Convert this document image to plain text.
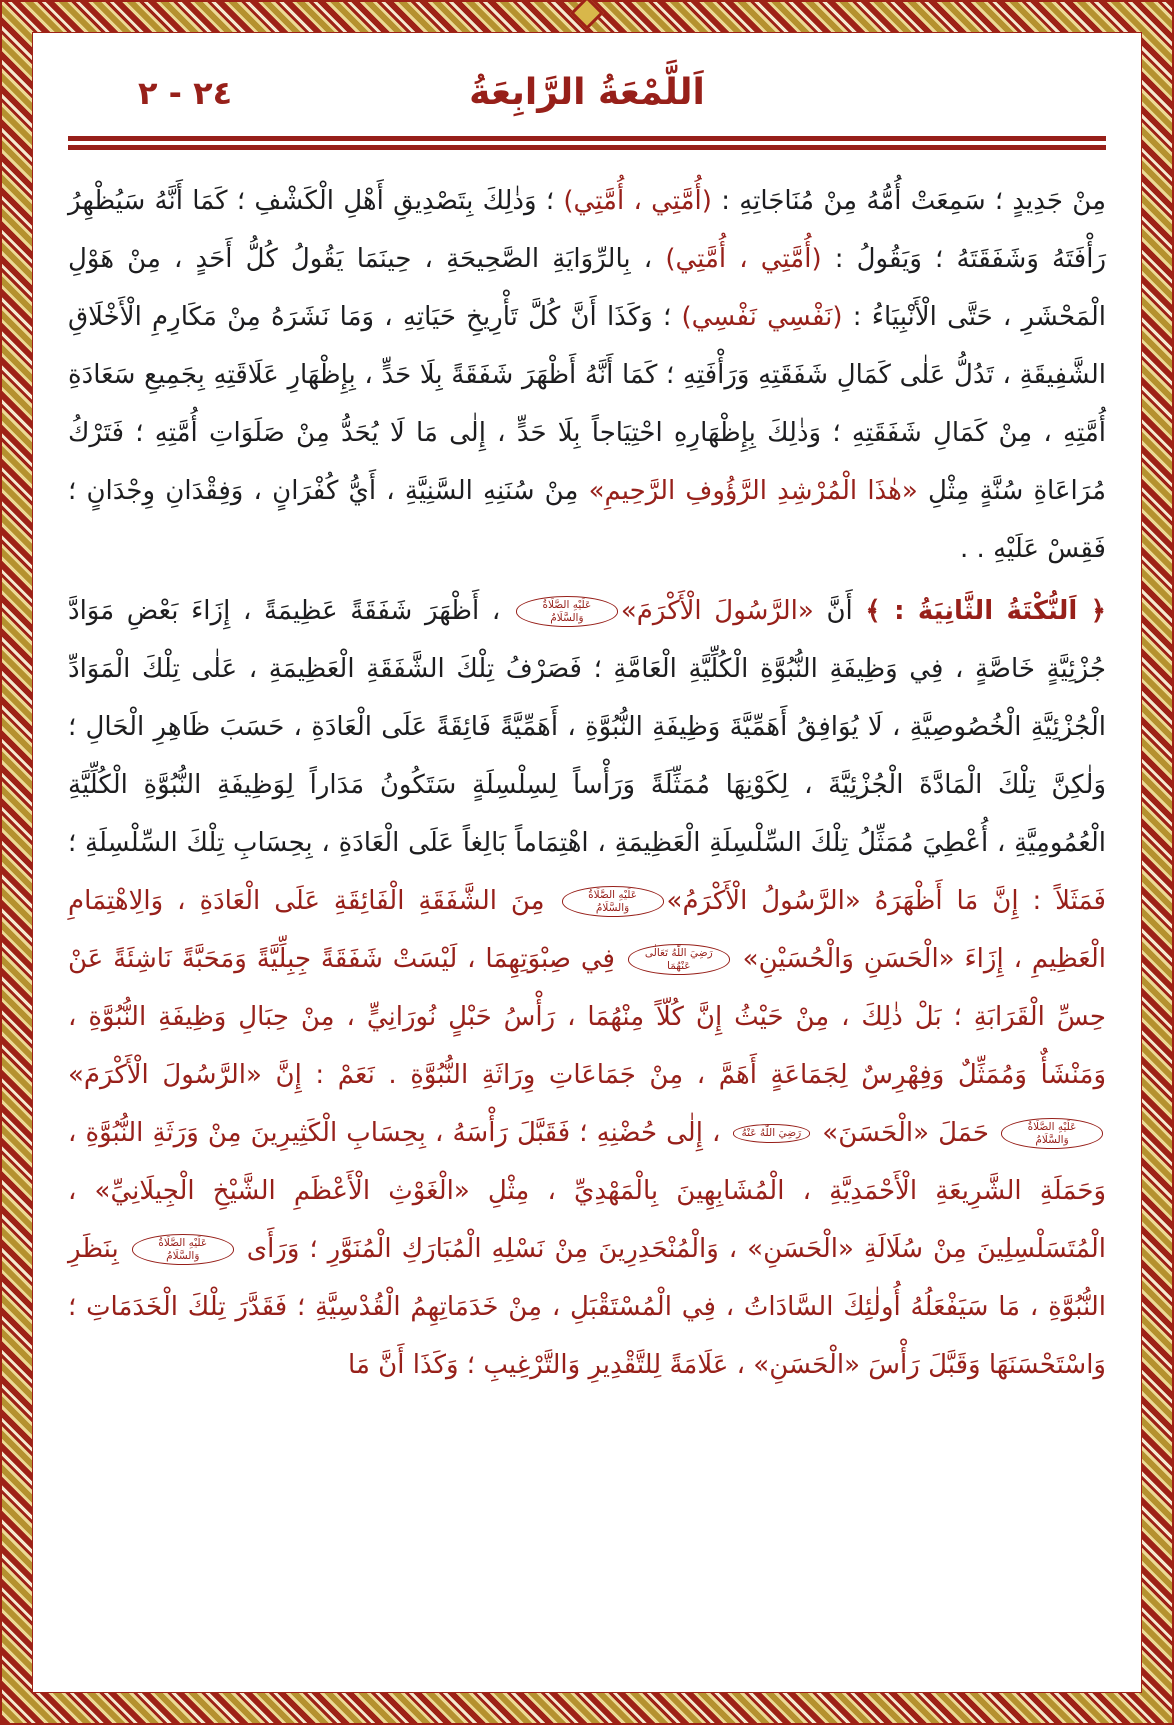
اَللَّمْعَةُ الرَّابِعَةُ
٢٤ - ٢

مِنْ جَدِيدٍ ؛ سَمِعَتْ أُمُّهُ مِنْ مُنَاجَاتِهِ : (أُمَّتِي ، أُمَّتِي) ؛ وَذٰلِكَ بِتَصْدِيقِ أَهْلِ الْكَشْفِ ؛ كَمَا أَنَّهُ سَيُظْهِرُ رَأْفَتَهُ وَشَفَقَتَهُ ؛ وَيَقُولُ : (أُمَّتِي ، أُمَّتِي) ، بِالرِّوَايَةِ الصَّحِيحَةِ ، حِينَمَا يَقُولُ كُلُّ أَحَدٍ ، مِنْ هَوْلِ الْمَحْشَرِ ، حَتَّى الْأَنْبِيَاءُ : (نَفْسِي نَفْسِي) ؛ وَكَذَا أَنَّ كُلَّ تَأْرِيخِ حَيَاتِهِ ، وَمَا نَشَرَهُ مِنْ مَكَارِمِ الْأَخْلَاقِ الشَّفِيقَةِ ، تَدُلُّ عَلٰى كَمَالِ شَفَقَتِهِ وَرَأْفَتِهِ ؛ كَمَا أَنَّهُ أَظْهَرَ شَفَقَةً بِلَا حَدٍّ ، بِإِظْهَارِ عَلَاقَتِهِ بِجَمِيعِ سَعَادَةِ أُمَّتِهِ ، مِنْ كَمَالِ شَفَقَتِهِ ؛ وَذٰلِكَ بِإِظْهَارِهِ احْتِيَاجاً بِلَا حَدٍّ ، إِلٰى مَا لَا يُحَدُّ مِنْ صَلَوَاتِ أُمَّتِهِ ؛ فَتَرْكُ مُرَاعَاةِ سُنَّةٍ مِثْلِ «هٰذَا الْمُرْشِدِ الرَّؤُوفِ الرَّحِيمِ» مِنْ سُنَنِهِ السَّنِيَّةِ ، أَيُّ كُفْرَانٍ ، وَفِقْدَانِ وِجْدَانٍ ؛ فَقِسْ عَلَيْهِ . .

﴿ اَلنُّكْتَةُ الثَّانِيَةُ : ﴾ أَنَّ «الرَّسُولَ الْأَكْرَمَ»عَلَيْهِ الصَّلَاةُ وَالسَّلَامُ ، أَظْهَرَ شَفَقَةً عَظِيمَةً ، إِزَاءَ بَعْضِ مَوَادَّ جُزْئِيَّةٍ خَاصَّةٍ ، فِي وَظِيفَةِ النُّبُوَّةِ الْكُلِّيَّةِ الْعَامَّةِ ؛ فَصَرْفُ تِلْكَ الشَّفَقَةِ الْعَظِيمَةِ ، عَلٰى تِلْكَ الْمَوَادِّ الْجُزْئِيَّةِ الْخُصُوصِيَّةِ ، لَا يُوَافِقُ أَهَمِّيَّةَ وَظِيفَةِ النُّبُوَّةِ ، أَهَمِّيَّةً فَائِقَةً عَلَى الْعَادَةِ ، حَسَبَ ظَاهِرِ الْحَالِ ؛ وَلٰكِنَّ تِلْكَ الْمَادَّةَ الْجُزْئِيَّةَ ، لِكَوْنِهَا مُمَثِّلَةً وَرَأْساً لِسِلْسِلَةٍ سَتَكُونُ مَدَاراً لِوَظِيفَةِ النُّبُوَّةِ الْكُلِّيَّةِ الْعُمُومِيَّةِ ، أُعْطِيَ مُمَثِّلُ تِلْكَ السِّلْسِلَةِ الْعَظِيمَةِ ، اهْتِمَاماً بَالِغاً عَلَى الْعَادَةِ ، بِحِسَابِ تِلْكَ السِّلْسِلَةِ ؛ فَمَثَلاً : إِنَّ مَا أَظْهَرَهُ «الرَّسُولُ الْأَكْرَمُ»عَلَيْهِ الصَّلَاةُ وَالسَّلَامُ مِنَ الشَّفَقَةِ الْفَائِقَةِ عَلَى الْعَادَةِ ، وَالِاهْتِمَامِ الْعَظِيمِ ، إِزَاءَ «الْحَسَنِ وَالْحُسَيْنِ» رَضِيَ اللّٰهُ تَعَالٰى عَنْهُمَا فِي صِبْوَتِهِمَا ، لَيْسَتْ شَفَقَةً جِبِلِّيَّةً وَمَحَبَّةً نَاشِئَةً عَنْ حِسِّ الْقَرَابَةِ ؛ بَلْ ذٰلِكَ ، مِنْ حَيْثُ إِنَّ كُلّاً مِنْهُمَا ، رَأْسُ حَبْلٍ نُورَانِيٍّ ، مِنْ حِبَالِ وَظِيفَةِ النُّبُوَّةِ ، وَمَنْشَأٌ وَمُمَثِّلٌ وَفِهْرِسٌ لِجَمَاعَةٍ أَهَمَّ ، مِنْ جَمَاعَاتِ وِرَاثَةِ النُّبُوَّةِ . نَعَمْ : إِنَّ «الرَّسُولَ الْأَكْرَمَ» عَلَيْهِ الصَّلَاةُ وَالسَّلَامُ حَمَلَ «الْحَسَنَ» رَضِيَ اللّٰهُ عَنْهُ ، إِلٰى حُضْنِهِ ؛ فَقَبَّلَ رَأْسَهُ ، بِحِسَابِ الْكَثِيرِينَ مِنْ وَرَثَةِ النُّبُوَّةِ ، وَحَمَلَةِ الشَّرِيعَةِ الْأَحْمَدِيَّةِ ، الْمُشَابِهِينَ بِالْمَهْدِيِّ ، مِثْلِ «الْغَوْثِ الْأَعْظَمِ الشَّيْخِ الْجِيلَانِيِّ» ، الْمُتَسَلْسِلِينَ مِنْ سُلَالَةِ «الْحَسَنِ» ، وَالْمُنْحَدِرِينَ مِنْ نَسْلِهِ الْمُبَارَكِ الْمُنَوَّرِ ؛ وَرَأَى عَلَيْهِ الصَّلَاةُ وَالسَّلَامُ بِنَظَرِ النُّبُوَّةِ ، مَا سَيَفْعَلُهُ أُولٰئِكَ السَّادَاتُ ، فِي الْمُسْتَقْبَلِ ، مِنْ خَدَمَاتِهِمُ الْقُدْسِيَّةِ ؛ فَقَدَّرَ تِلْكَ الْخَدَمَاتِ ؛ وَاسْتَحْسَنَهَا وَقَبَّلَ رَأْسَ «الْحَسَنِ» ، عَلَامَةً لِلتَّقْدِيرِ وَالتَّرْغِيبِ ؛ وَكَذَا أَنَّ مَا
